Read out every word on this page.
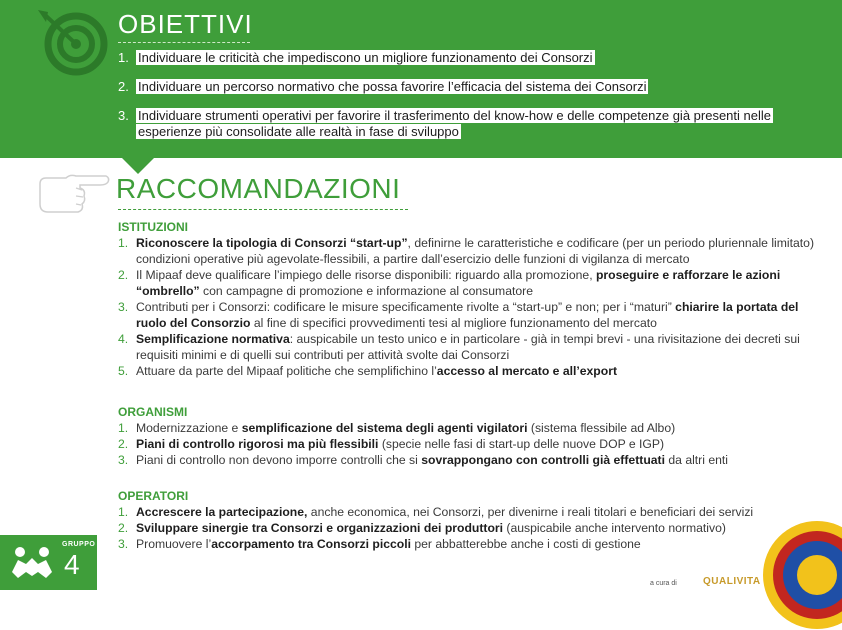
OBIETTIVI
1. Individuare le criticità che impediscono un migliore funzionamento dei Consorzi
2. Individuare un percorso normativo che possa favorire l’efficacia del sistema dei Consorzi
3. Individuare strumenti operativi per favorire il trasferimento del know-how e delle competenze già presenti nelle esperienze più consolidate alle realtà in fase di sviluppo
RACCOMANDAZIONI
ISTITUZIONI
1. Riconoscere la tipologia di Consorzi “start-up”, definirne le caratteristiche e codificare (per un periodo pluriennale limitato) condizioni operative più agevolate-flessibili, a partire dall’esercizio delle funzioni di vigilanza di mercato
2. Il Mipaaf deve qualificare l’impiego delle risorse disponibili: riguardo alla promozione, proseguire e rafforzare le azioni “ombrello” con campagne di promozione e informazione al consumatore
3. Contributi per i Consorzi: codificare le misure specificamente rivolte a “start-up” e non; per i “maturi” chiarire la portata del ruolo del Consorzio al fine di specifici provvedimenti tesi al migliore funzionamento del mercato
4. Semplificazione normativa: auspicabile un testo unico e in particolare - già in tempi brevi - una rivisitazione dei decreti sui requisiti minimi e di quelli sui contributi per attività svolte dai Consorzi
5. Attuare da parte del Mipaaf politiche che semplifichino l’accesso al mercato e all’export
ORGANISMI
1. Modernizzazione e semplificazione del sistema degli agenti vigilatori (sistema flessibile ad Albo)
2. Piani di controllo rigorosi ma più flessibili (specie nelle fasi di start-up delle nuove DOP e IGP)
3. Piani di controllo non devono imporre controlli che si sovrapponganо con controlli già effettuati da altri enti
OPERATORI
1. Accrescere la partecipazione, anche economica, nei Consorzi, per divenirne i reali titolari e beneficiari dei servizi
2. Sviluppare sinergie tra Consorzi e organizzazioni dei produttori (auspicabile anche intervento normativo)
3. Promuovere l’accorpamento tra Consorzi piccoli per abbatterebbe anche i costi di gestione
GRUPPO
4
a cura di	QUALIVITA
